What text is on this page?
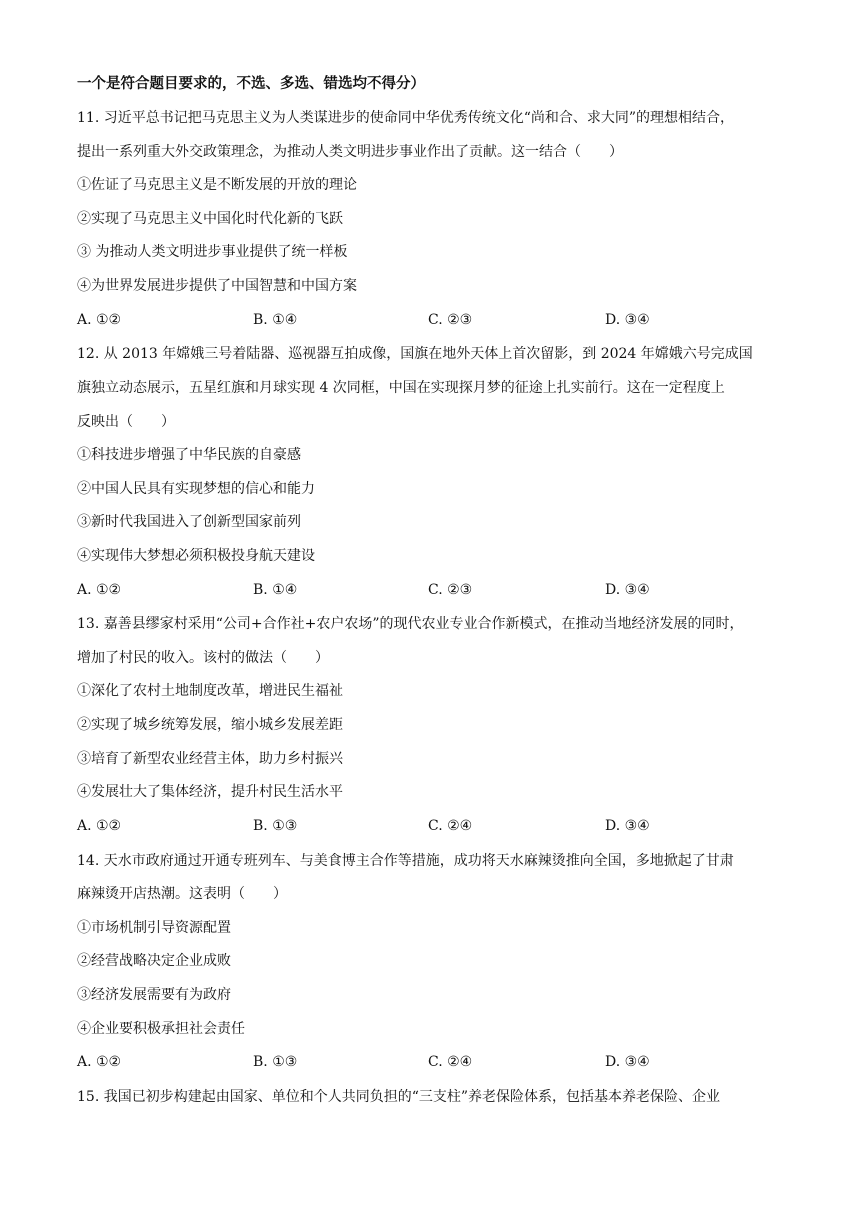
一个是符合题目要求的，不选、多选、错选均不得分）
11. 习近平总书记把马克思主义为人类谋进步的使命同中华优秀传统文化“尚和合、求大同”的理想相结合，
提出一系列重大外交政策理念，为推动人类文明进步事业作出了贡献。这一结合（　　）
①佐证了马克思主义是不断发展的开放的理论
②实现了马克思主义中国化时代化新的飞跃
③ 为推动人类文明进步事业提供了统一样板
④为世界发展进步提供了中国智慧和中国方案
A. ①②	B. ①④	C. ②③	D. ③④
12. 从 2013 年嫦娥三号着陆器、巡视器互拍成像，国旗在地外天体上首次留影，到 2024 年嫦娥六号完成国
旗独立动态展示，五星红旗和月球实现 4 次同框，中国在实现探月梦的征途上扎实前行。这在一定程度上
反映出（　　）
①科技进步增强了中华民族的自豪感
②中国人民具有实现梦想的信心和能力
③新时代我国进入了创新型国家前列
④实现伟大梦想必须积极投身航天建设
A. ①②	B. ①④	C. ②③	D. ③④
13. 嘉善县缪家村采用“公司+合作社+农户农场”的现代农业专业合作新模式，在推动当地经济发展的同时，
增加了村民的收入。该村的做法（　　）
①深化了农村土地制度改革，增进民生福祉
②实现了城乡统筹发展，缩小城乡发展差距
③培育了新型农业经营主体，助力乡村振兴
④发展壮大了集体经济，提升村民生活水平
A. ①②	B. ①③	C. ②④	D. ③④
14. 天水市政府通过开通专班列车、与美食博主合作等措施，成功将天水麻辣烫推向全国，多地掀起了甘肃
麻辣烫开店热潮。这表明（　　）
①市场机制引导资源配置
②经营战略决定企业成败
③经济发展需要有为政府
④企业要积极承担社会责任
A. ①②	B. ①③	C. ②④	D. ③④
15. 我国已初步构建起由国家、单位和个人共同负担的“三支柱”养老保险体系，包括基本养老保险、企业
